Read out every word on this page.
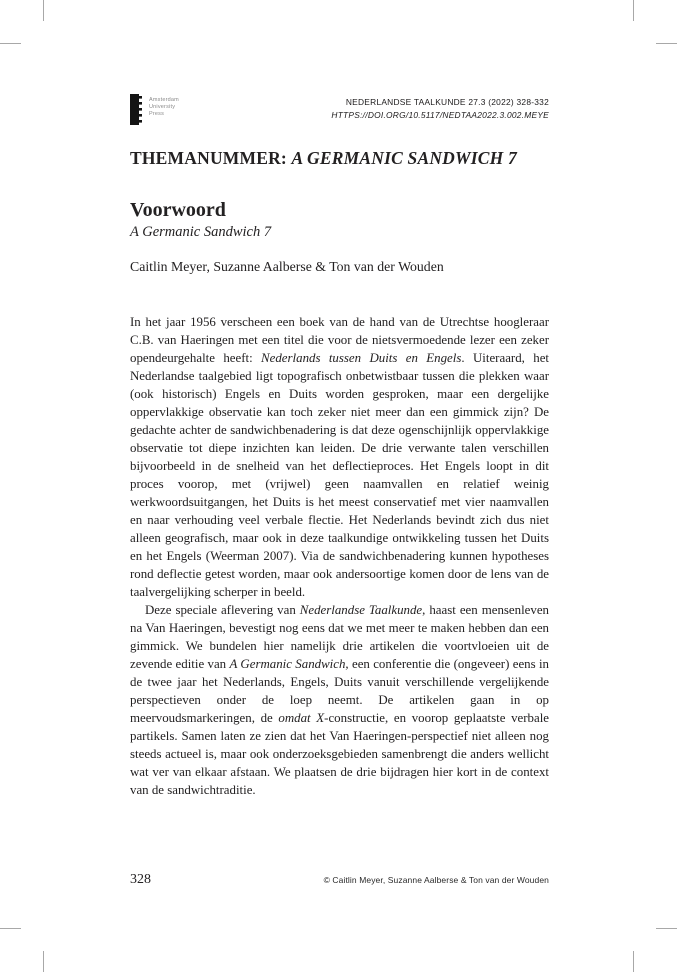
Amsterdam
University
Press
NEDERLANDSE TAALKUNDE 27.3 (2022) 328-332
HTTPS://DOI.ORG/10.5117/NEDTAA2022.3.002.MEYE
THEMANUMMER: A GERMANIC SANDWICH 7
Voorwoord
A Germanic Sandwich 7
Caitlin Meyer, Suzanne Aalberse & Ton van der Wouden

In het jaar 1956 verscheen een boek van de hand van de Utrechtse hoogleraar C.B. van Haeringen met een titel die voor de nietsvermoedende lezer een zeker opendeurgehalte heeft: Nederlands tussen Duits en Engels. Uiteraard, het Nederlandse taalgebied ligt topografisch onbetwistbaar tussen die plekken waar (ook historisch) Engels en Duits worden gesproken, maar een dergelijke oppervlakkige observatie kan toch zeker niet meer dan een gimmick zijn? De gedachte achter de sandwichbenadering is dat deze ogenschijnlijk oppervlakkige observatie tot diepe inzichten kan leiden. De drie verwante talen verschillen bijvoorbeeld in de snelheid van het deflectieproces. Het Engels loopt in dit proces voorop, met (vrijwel) geen naamvallen en relatief weinig werkwoordsuitgangen, het Duits is het meest conservatief met vier naamvallen en naar verhouding veel verbale flectie. Het Nederlands bevindt zich dus niet alleen geografisch, maar ook in deze taalkundige ontwikkeling tussen het Duits en het Engels (Weerman 2007). Via de sandwichbenadering kunnen hypotheses rond deflectie getest worden, maar ook andersoortige komen door de lens van de taalvergelijking scherper in beeld.

Deze speciale aflevering van Nederlandse Taalkunde, haast een mensenleven na Van Haeringen, bevestigt nog eens dat we met meer te maken hebben dan een gimmick. We bundelen hier namelijk drie artikelen die voortvloeien uit de zevende editie van A Germanic Sandwich, een conferentie die (ongeveer) eens in de twee jaar het Nederlands, Engels, Duits vanuit verschillende vergelijkende perspectieven onder de loep neemt. De artikelen gaan in op meervoudsmarkeringen, de omdat X-constructie, en voorop geplaatste verbale partikels. Samen laten ze zien dat het Van Haeringen-perspectief niet alleen nog steeds actueel is, maar ook onderzoeksgebieden samenbrengt die anders wellicht wat ver van elkaar afstaan. We plaatsen de drie bijdragen hier kort in de context van de sandwichtraditie.

328	© Caitlin Meyer, Suzanne Aalberse & Ton van der Wouden
